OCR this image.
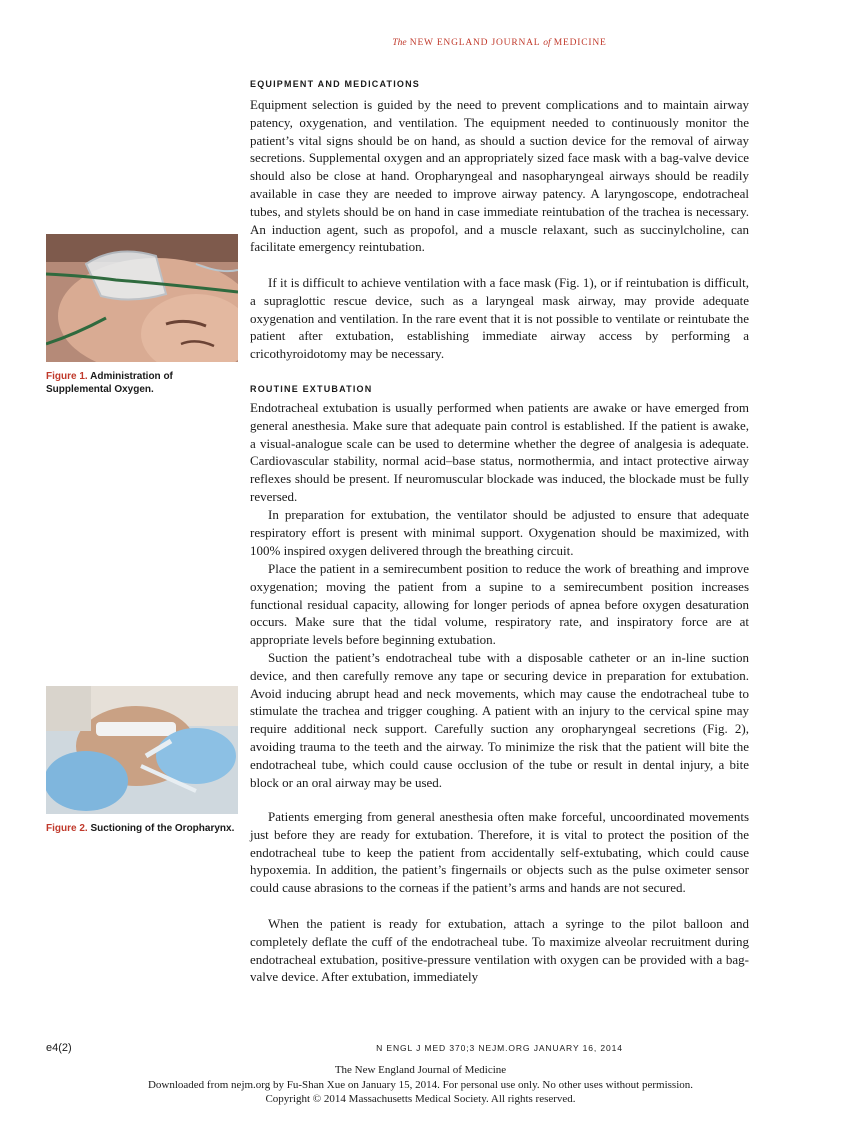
The NEW ENGLAND JOURNAL of MEDICINE
EQUIPMENT AND MEDICATIONS

Equipment selection is guided by the need to prevent complications and to maintain airway patency, oxygenation, and ventilation. The equipment needed to continuously monitor the patient’s vital signs should be on hand, as should a suction device for the removal of airway secretions. Supplemental oxygen and an appropriately sized face mask with a bag-valve device should also be close at hand. Oropharyngeal and nasopharyngeal airways should be readily available in case they are needed to improve airway patency. A laryngoscope, endotracheal tubes, and stylets should be on hand in case immediate reintubation of the trachea is necessary. An induction agent, such as propofol, and a muscle relaxant, such as succinylcholine, can facilitate emergency reintubation.

If it is difficult to achieve ventilation with a face mask (Fig. 1), or if reintubation is difficult, a supraglottic rescue device, such as a laryngeal mask airway, may provide adequate oxygenation and ventilation. In the rare event that it is not possible to ventilate or reintubate the patient after extubation, establishing immediate airway access by performing a cricothyroidotomy may be necessary.

ROUTINE EXTUBATION

Endotracheal extubation is usually performed when patients are awake or have emerged from general anesthesia. Make sure that adequate pain control is established. If the patient is awake, a visual-analogue scale can be used to determine whether the degree of analgesia is adequate. Cardiovascular stability, normal acid–base status, normothermia, and intact protective airway reflexes should be present. If neuromuscular blockade was induced, the blockade must be fully reversed.

In preparation for extubation, the ventilator should be adjusted to ensure that adequate respiratory effort is present with minimal support. Oxygenation should be maximized, with 100% inspired oxygen delivered through the breathing circuit.

Place the patient in a semirecumbent position to reduce the work of breathing and improve oxygenation; moving the patient from a supine to a semirecumbent position increases functional residual capacity, allowing for longer periods of apnea before oxygen desaturation occurs. Make sure that the tidal volume, respiratory rate, and inspiratory force are at appropriate levels before beginning extubation.

Suction the patient’s endotracheal tube with a disposable catheter or an in-line suction device, and then carefully remove any tape or securing device in preparation for extubation. Avoid inducing abrupt head and neck movements, which may cause the endotracheal tube to stimulate the trachea and trigger coughing. A patient with an injury to the cervical spine may require additional neck support. Carefully suction any oropharyngeal secretions (Fig. 2), avoiding trauma to the teeth and the airway. To minimize the risk that the patient will bite the endotracheal tube, which could cause occlusion of the tube or result in dental injury, a bite block or an oral airway may be used.

Patients emerging from general anesthesia often make forceful, uncoordinated movements just before they are ready for extubation. Therefore, it is vital to protect the position of the endotracheal tube to keep the patient from accidentally self-extubating, which could cause hypoxemia. In addition, the patient’s fingernails or objects such as the pulse oximeter sensor could cause abrasions to the corneas if the patient’s arms and hands are not secured.

When the patient is ready for extubation, attach a syringe to the pilot balloon and completely deflate the cuff of the endotracheal tube. To maximize alveolar recruitment during endotracheal extubation, positive-pressure ventilation with oxygen can be provided with a bag-valve device. After extubation, immediately

Figure 1. Administration of Supplemental Oxygen.
Figure 2. Suctioning of the Oropharynx.
e4(2)	N ENGL J MED 370;3 NEJM.ORG JANUARY 16, 2014
The New England Journal of Medicine
Downloaded from nejm.org by Fu-Shan Xue on January 15, 2014. For personal use only. No other uses without permission.
Copyright © 2014 Massachusetts Medical Society. All rights reserved.
